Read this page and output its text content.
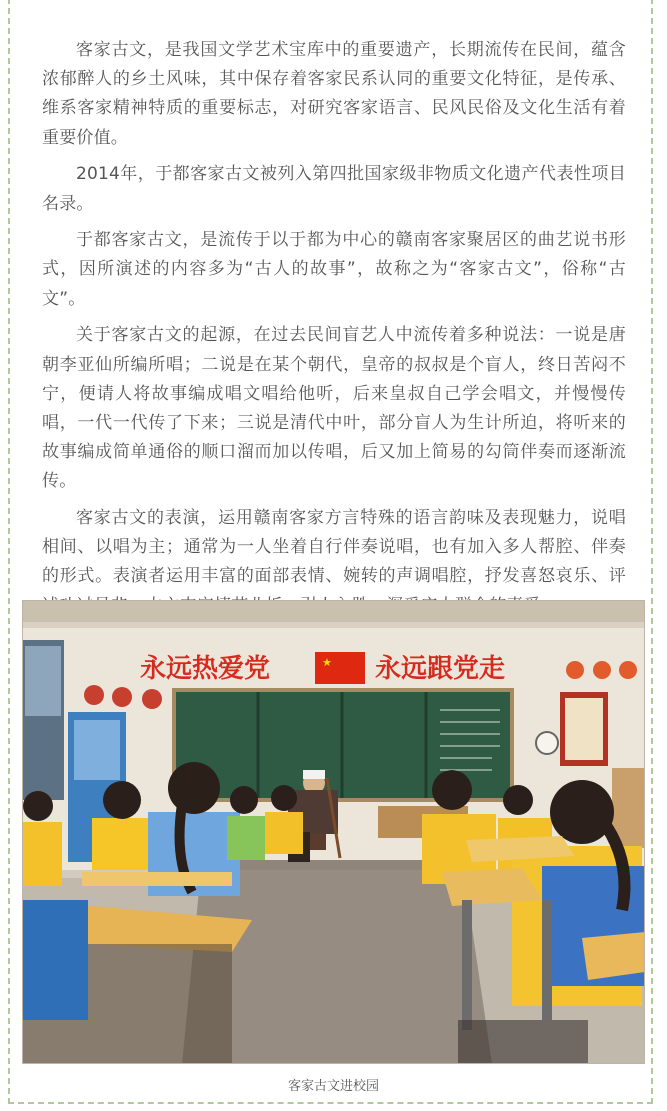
客家古文，是我国文学艺术宝库中的重要遗产，长期流传在民间，蕴含浓郁醉人的乡土风味，其中保存着客家民系认同的重要文化特征，是传承、维系客家精神特质的重要标志，对研究客家语言、民风民俗及文化生活有着重要价值。

2014年，于都客家古文被列入第四批国家级非物质文化遗产代表性项目名录。

于都客家古文，是流传于以于都为中心的赣南客家聚居区的曲艺说书形式，因所演述的内容多为“古人的故事”，故称之为“客家古文”，俗称“古文”。

关于客家古文的起源，在过去民间盲艺人中流传着多种说法：一说是唐朝李亚仙所编所唱；二说是在某个朝代，皇帝的叔叔是个盲人，终日苦闷不宁，便请人将故事编成唱文唱给他听，后来皇叔自己学会唱文，并慢慢传唱，一代一代传了下来；三说是清代中叶，部分盲人为生计所迫，将听来的故事编成简单通俗的顺口溜而加以传唱，后又加上简易的勾筒伴奏而逐渐流传。

客家古文的表演，运用赣南客家方言特殊的语言韵味及表现魅力，说唱相间、以唱为主；通常为一人坐着自行伴奏说唱，也有加入多人帮腔、伴奏的形式。表演者运用丰富的面部表情、婉转的声调唱腔，抒发喜怒哀乐、评

永远热爱党	★ 永远跟党走
客家古文进校园
